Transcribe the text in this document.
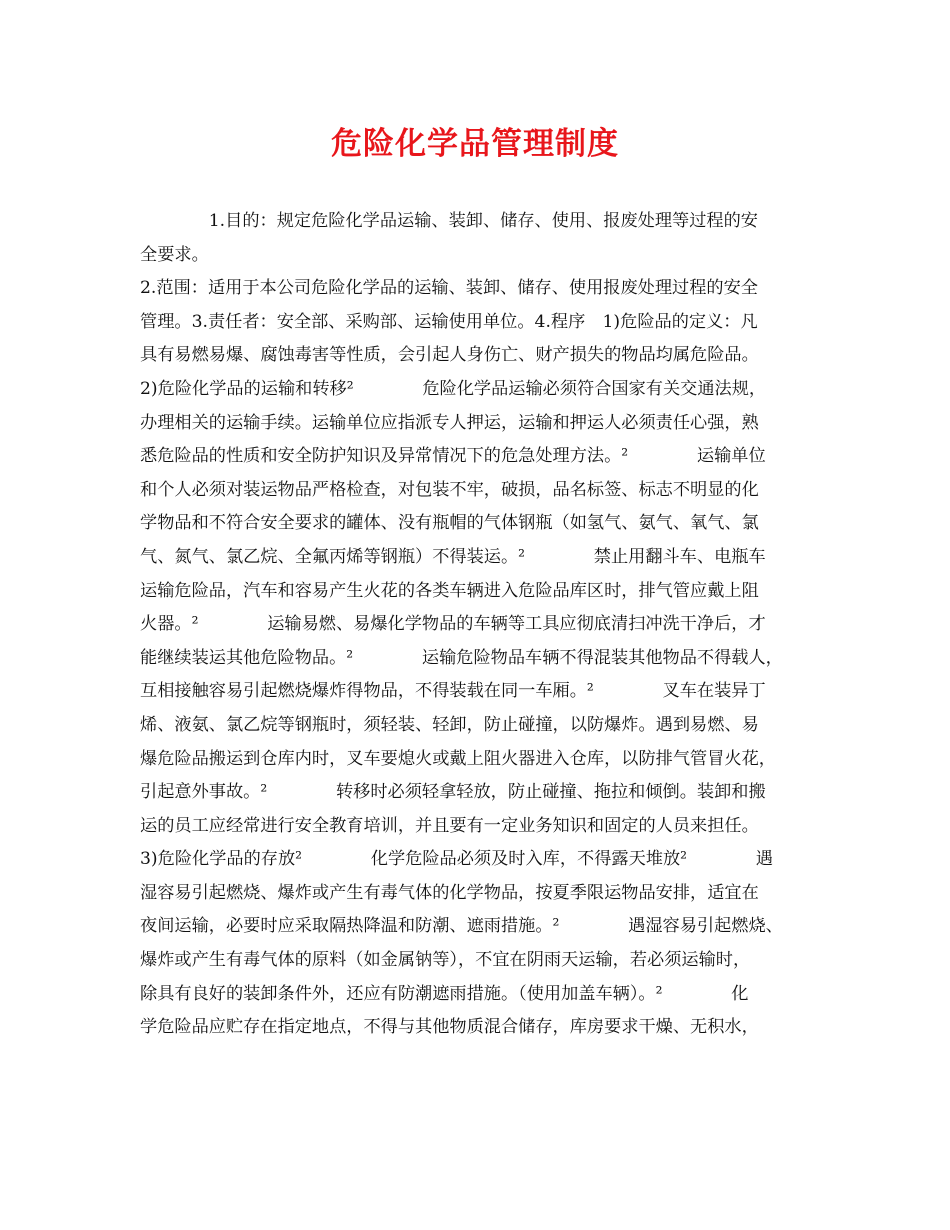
危险化学品管理制度
　　　　1.目的：规定危险化学品运输、装卸、储存、使用、报废处理等过程的安
全要求。
2.范围：适用于本公司危险化学品的运输、装卸、储存、使用报废处理过程的安全
管理。3.责任者：安全部、采购部、运输使用单位。4.程序　1)危险品的定义：凡
具有易燃易爆、腐蚀毒害等性质，会引起人身伤亡、财产损失的物品均属危险品。
2)危险化学品的运输和转移²　　　　危险化学品运输必须符合国家有关交通法规，
办理相关的运输手续。运输单位应指派专人押运，运输和押运人必须责任心强，熟
悉危险品的性质和安全防护知识及异常情况下的危急处理方法。²　　　　运输单位
和个人必须对装运物品严格检查，对包装不牢，破损，品名标签、标志不明显的化
学物品和不符合安全要求的罐体、没有瓶帽的气体钢瓶（如氢气、氨气、氧气、氯
气、氮气、氯乙烷、全氟丙烯等钢瓶）不得装运。²　　　　禁止用翻斗车、电瓶车
运输危险品，汽车和容易产生火花的各类车辆进入危险品库区时，排气管应戴上阻
火器。²　　　　运输易燃、易爆化学物品的车辆等工具应彻底清扫冲洗干净后，才
能继续装运其他危险物品。²　　　　运输危险物品车辆不得混装其他物品不得载人，
互相接触容易引起燃烧爆炸得物品，不得装载在同一车厢。²　　　　叉车在装异丁
烯、液氨、氯乙烷等钢瓶时，须轻装、轻卸，防止碰撞，以防爆炸。遇到易燃、易
爆危险品搬运到仓库内时，叉车要熄火或戴上阻火器进入仓库，以防排气管冒火花，
引起意外事故。²　　　　转移时必须轻拿轻放，防止碰撞、拖拉和倾倒。装卸和搬
运的员工应经常进行安全教育培训，并且要有一定业务知识和固定的人员来担任。
3)危险化学品的存放²　　　　化学危险品必须及时入库，不得露天堆放²　　　　遇
湿容易引起燃烧、爆炸或产生有毒气体的化学物品，按夏季限运物品安排，适宜在
夜间运输，必要时应采取隔热降温和防潮、遮雨措施。²　　　　遇湿容易引起燃烧、
爆炸或产生有毒气体的原料（如金属钠等），不宜在阴雨天运输，若必须运输时，
除具有良好的装卸条件外，还应有防潮遮雨措施。（使用加盖车辆）。²　　　　化
学危险品应贮存在指定地点，不得与其他物质混合储存，库房要求干燥、无积水，
